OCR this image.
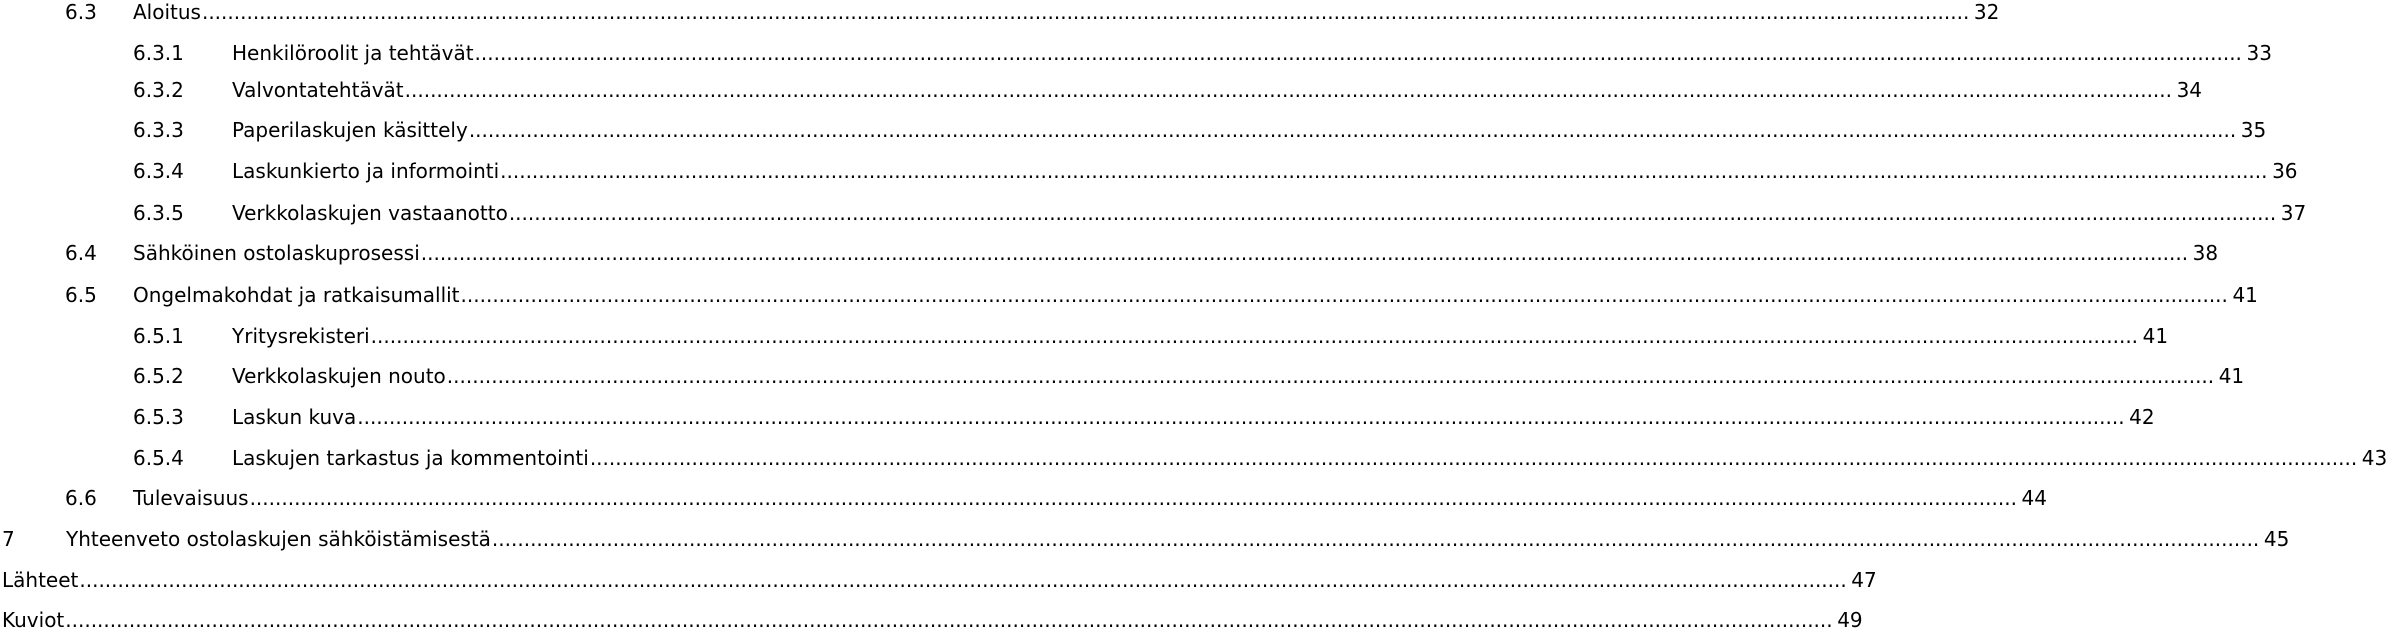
6.3 Aloitus .....	32
6.3.1 Henkilöroolit ja tehtävät .....	33
6.3.2 Valvontatehtävät .....	34
6.3.3 Paperilaskujen käsittely .....	35
6.3.4 Laskunkierto ja informointi .....	36
6.3.5 Verkkolaskujen vastaanotto .....	37
6.4 Sähköinen ostolaskuprosessi .....	38
6.5 Ongelmakohdat ja ratkaisumallit .....	41
6.5.1 Yritysrekisteri .....	41
6.5.2 Verkkolaskujen nouto .....	41
6.5.3 Laskun kuva .....	42
6.5.4 Laskujen tarkastus ja kommentointi .....	43
6.6 Tulevaisuus .....	44
7	Yhteenveto ostolaskujen sähköistämisestä .....	45
Lähteet .....	47
Kuviot .....	49
